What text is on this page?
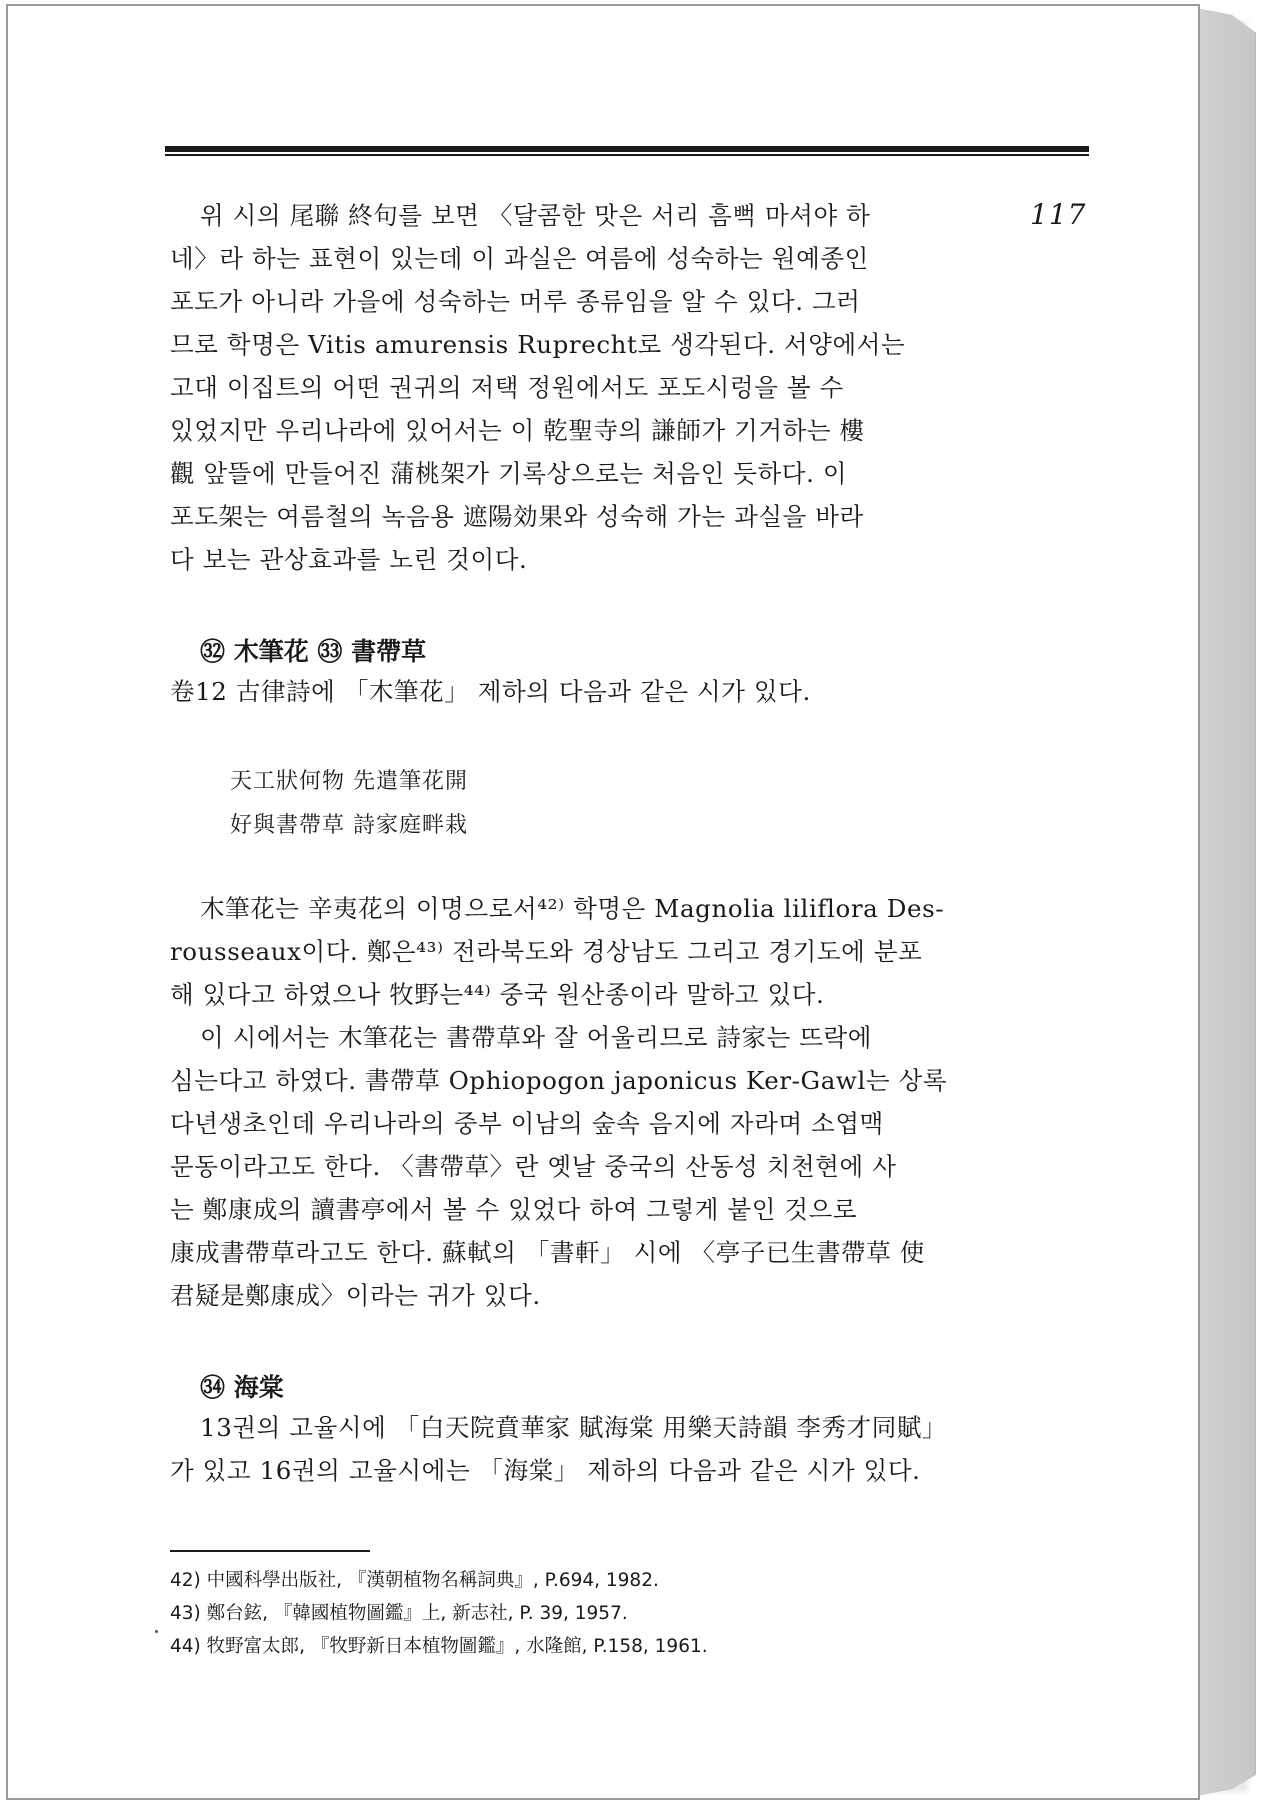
117
위 시의 尾聯 終句를 보면 〈달콤한 맛은 서리 흠뻑 마셔야 하
네〉라 하는 표현이 있는데 이 과실은 여름에 성숙하는 원예종인
포도가 아니라 가을에 성숙하는 머루 종류임을 알 수 있다. 그러
므로 학명은 Vitis amurensis Ruprecht로 생각된다. 서양에서는
고대 이집트의 어떤 권귀의 저택 정원에서도 포도시렁을 볼 수
있었지만 우리나라에 있어서는 이 乾聖寺의 謙師가 기거하는 樓
觀 앞뜰에 만들어진 蒲桃架가 기록상으로는 처음인 듯하다. 이
포도架는 여름철의 녹음용 遮陽効果와 성숙해 가는 과실을 바라
다 보는 관상효과를 노린 것이다.
㉜ 木筆花 ㉝ 書帶草
卷12 古律詩에 「木筆花」 제하의 다음과 같은 시가 있다.
天工狀何物 先遣筆花開
好與書帶草 詩家庭畔栽
木筆花는 辛夷花의 이명으로서⁴²⁾ 학명은 Magnolia liliflora Des-
rousseaux이다. 鄭은⁴³⁾ 전라북도와 경상남도 그리고 경기도에 분포
해 있다고 하였으나 牧野는⁴⁴⁾ 중국 원산종이라 말하고 있다.
이 시에서는 木筆花는 書帶草와 잘 어울리므로 詩家는 뜨락에
심는다고 하였다. 書帶草 Ophiopogon japonicus Ker-Gawl는 상록
다년생초인데 우리나라의 중부 이남의 숲속 음지에 자라며 소엽맥
문동이라고도 한다. 〈書帶草〉란 옛날 중국의 산동성 치천현에 사
는 鄭康成의 讀書亭에서 볼 수 있었다 하여 그렇게 붙인 것으로
康成書帶草라고도 한다. 蘇軾의 「書軒」 시에 〈亭子已生書帶草 使
君疑是鄭康成〉이라는 귀가 있다.
㉞ 海棠
13권의 고율시에 「白天院賁華家 賦海棠 用樂天詩韻 李秀才同賦」
가 있고 16권의 고율시에는 「海棠」 제하의 다음과 같은 시가 있다.
42) 中國科學出版社, 『漢朝植物名稱詞典』, P.694, 1982.
43) 鄭台鉉, 『韓國植物圖鑑』上, 新志社, P. 39, 1957.
44) 牧野富太郎, 『牧野新日本植物圖鑑』, 水隆館, P.158, 1961.
